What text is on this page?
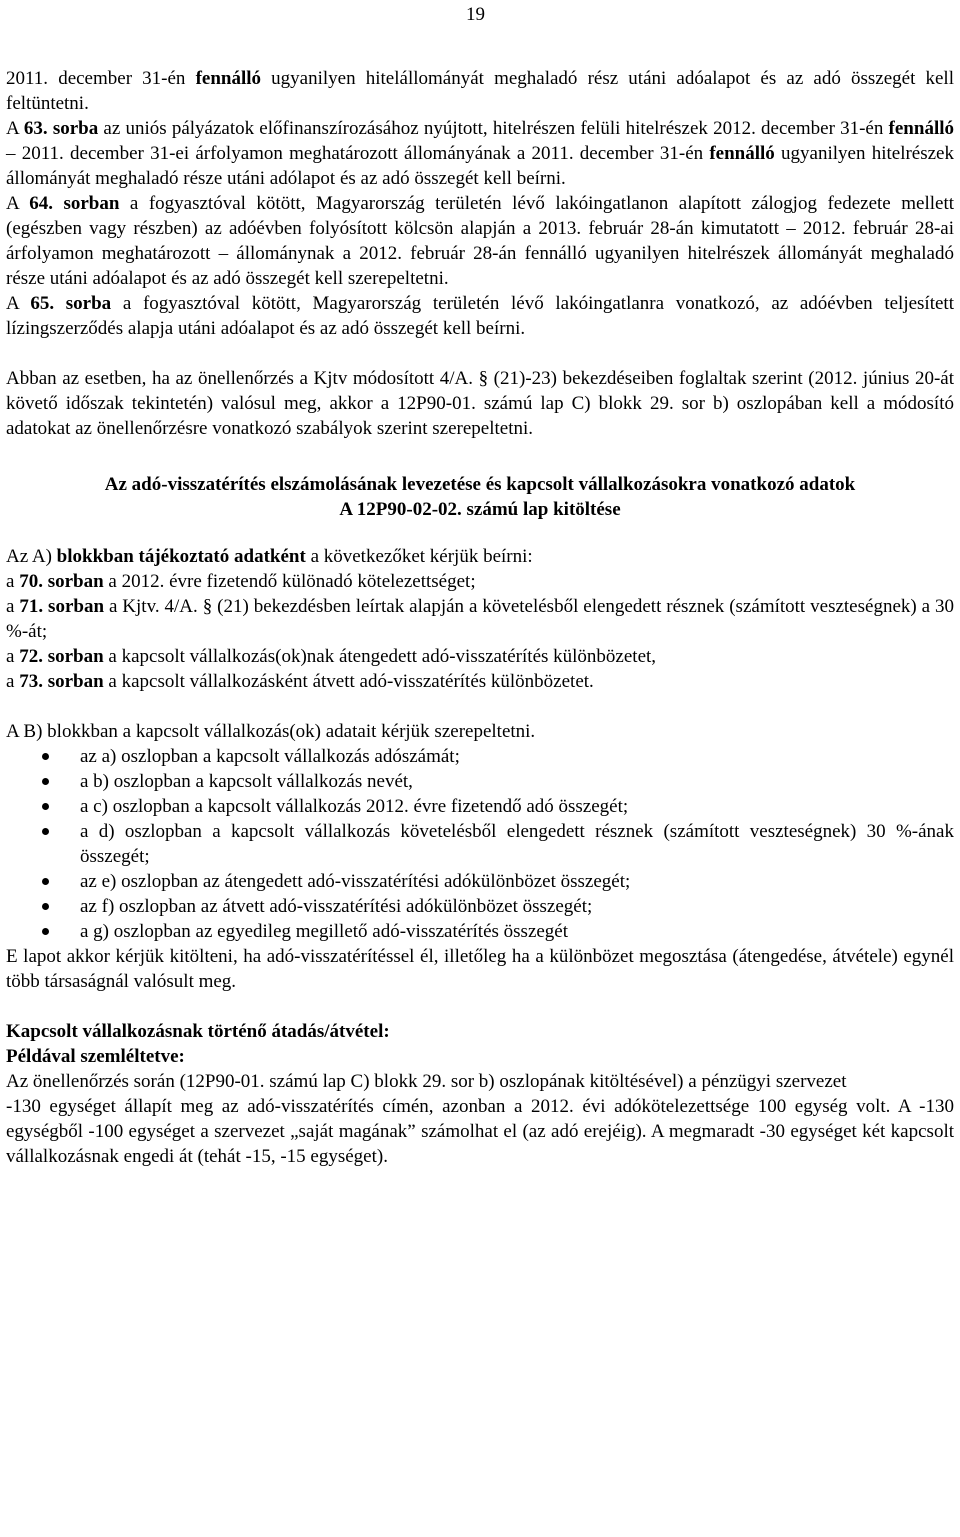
19

2011. december 31-én fennálló ugyanilyen hitelállományát meghaladó rész utáni adóalapot és az adó összegét kell feltüntetni.

A 63. sorba az uniós pályázatok előfinanszírozásához nyújtott, hitelrészen felüli hitelrészek 2012. december 31-én fennálló – 2011. december 31-ei árfolyamon meghatározott állományának a 2011. december 31-én fennálló ugyanilyen hitelrészek állományát meghaladó része utáni adólapot és az adó összegét kell beírni.

A 64. sorban a fogyasztóval kötött, Magyarország területén lévő lakóingatlanon alapított zálogjog fedezete mellett (egészben vagy részben) az adóévben folyósított kölcsön alapján a 2013. február 28-án kimutatott – 2012. február 28-ai árfolyamon meghatározott – állománynak a 2012. február 28-án fennálló ugyanilyen hitelrészek állományát meghaladó része utáni adóalapot és az adó összegét kell szerepeltetni.

A 65. sorba a fogyasztóval kötött, Magyarország területén lévő lakóingatlanra vonatkozó, az adóévben teljesített lízingszerződés alapja utáni adóalapot és az adó összegét kell beírni.

Abban az esetben, ha az önellenőrzés a Kjtv módosított 4/A. § (21)-23) bekezdéseiben foglaltak szerint (2012. június 20-át követő időszak tekintetén) valósul meg, akkor a 12P90-01. számú lap C) blokk 29. sor b) oszlopában kell a módosító adatokat az önellenőrzésre vonatkozó szabályok szerint szerepeltetni.

Az adó-visszatérítés elszámolásának levezetése és kapcsolt vállalkozásokra vonatkozó adatok

A 12P90-02-02. számú lap kitöltése

Az A) blokkban tájékoztató adatként a következőket kérjük beírni:

a 70. sorban a 2012. évre fizetendő különadó kötelezettséget;

a 71. sorban a Kjtv. 4/A. § (21) bekezdésben leírtak alapján a követelésből elengedett résznek (számított veszteségnek) a 30 %-át;

a 72. sorban a kapcsolt vállalkozás(ok)nak átengedett adó-visszatérítés különbözetet,

a 73. sorban a kapcsolt vállalkozásként átvett adó-visszatérítés különbözetet.

A B) blokkban a kapcsolt vállalkozás(ok) adatait kérjük szerepeltetni.

az a) oszlopban a kapcsolt vállalkozás adószámát;
a b) oszlopban a kapcsolt vállalkozás nevét,
a c) oszlopban a kapcsolt vállalkozás 2012. évre fizetendő adó összegét;
a d) oszlopban a kapcsolt vállalkozás követelésből elengedett résznek (számított veszteségnek) 30 %-ának összegét;
az e) oszlopban az átengedett adó-visszatérítési adókülönbözet összegét;
az f) oszlopban az átvett adó-visszatérítési adókülönbözet összegét;
a g) oszlopban az egyedileg megillető adó-visszatérítés összegét

E lapot akkor kérjük kitölteni, ha adó-visszatérítéssel él, illetőleg ha a különbözet megosztása (átengedése, átvétele) egynél több társaságnál valósult meg.

Kapcsolt vállalkozásnak történő átadás/átvétel:

Példával szemléltetve:

Az önellenőrzés során (12P90-01. számú lap C) blokk 29. sor b) oszlopának kitöltésével) a pénzügyi szervezet

-130 egységet állapít meg az adó-visszatérítés címén, azonban a 2012. évi adókötelezettsége 100 egység volt. A -130 egységből -100 egységet a szervezet „saját magának” számolhat el (az adó erejéig). A megmaradt -30 egységet két kapcsolt vállalkozásnak engedi át (tehát -15, -15 egységet).
